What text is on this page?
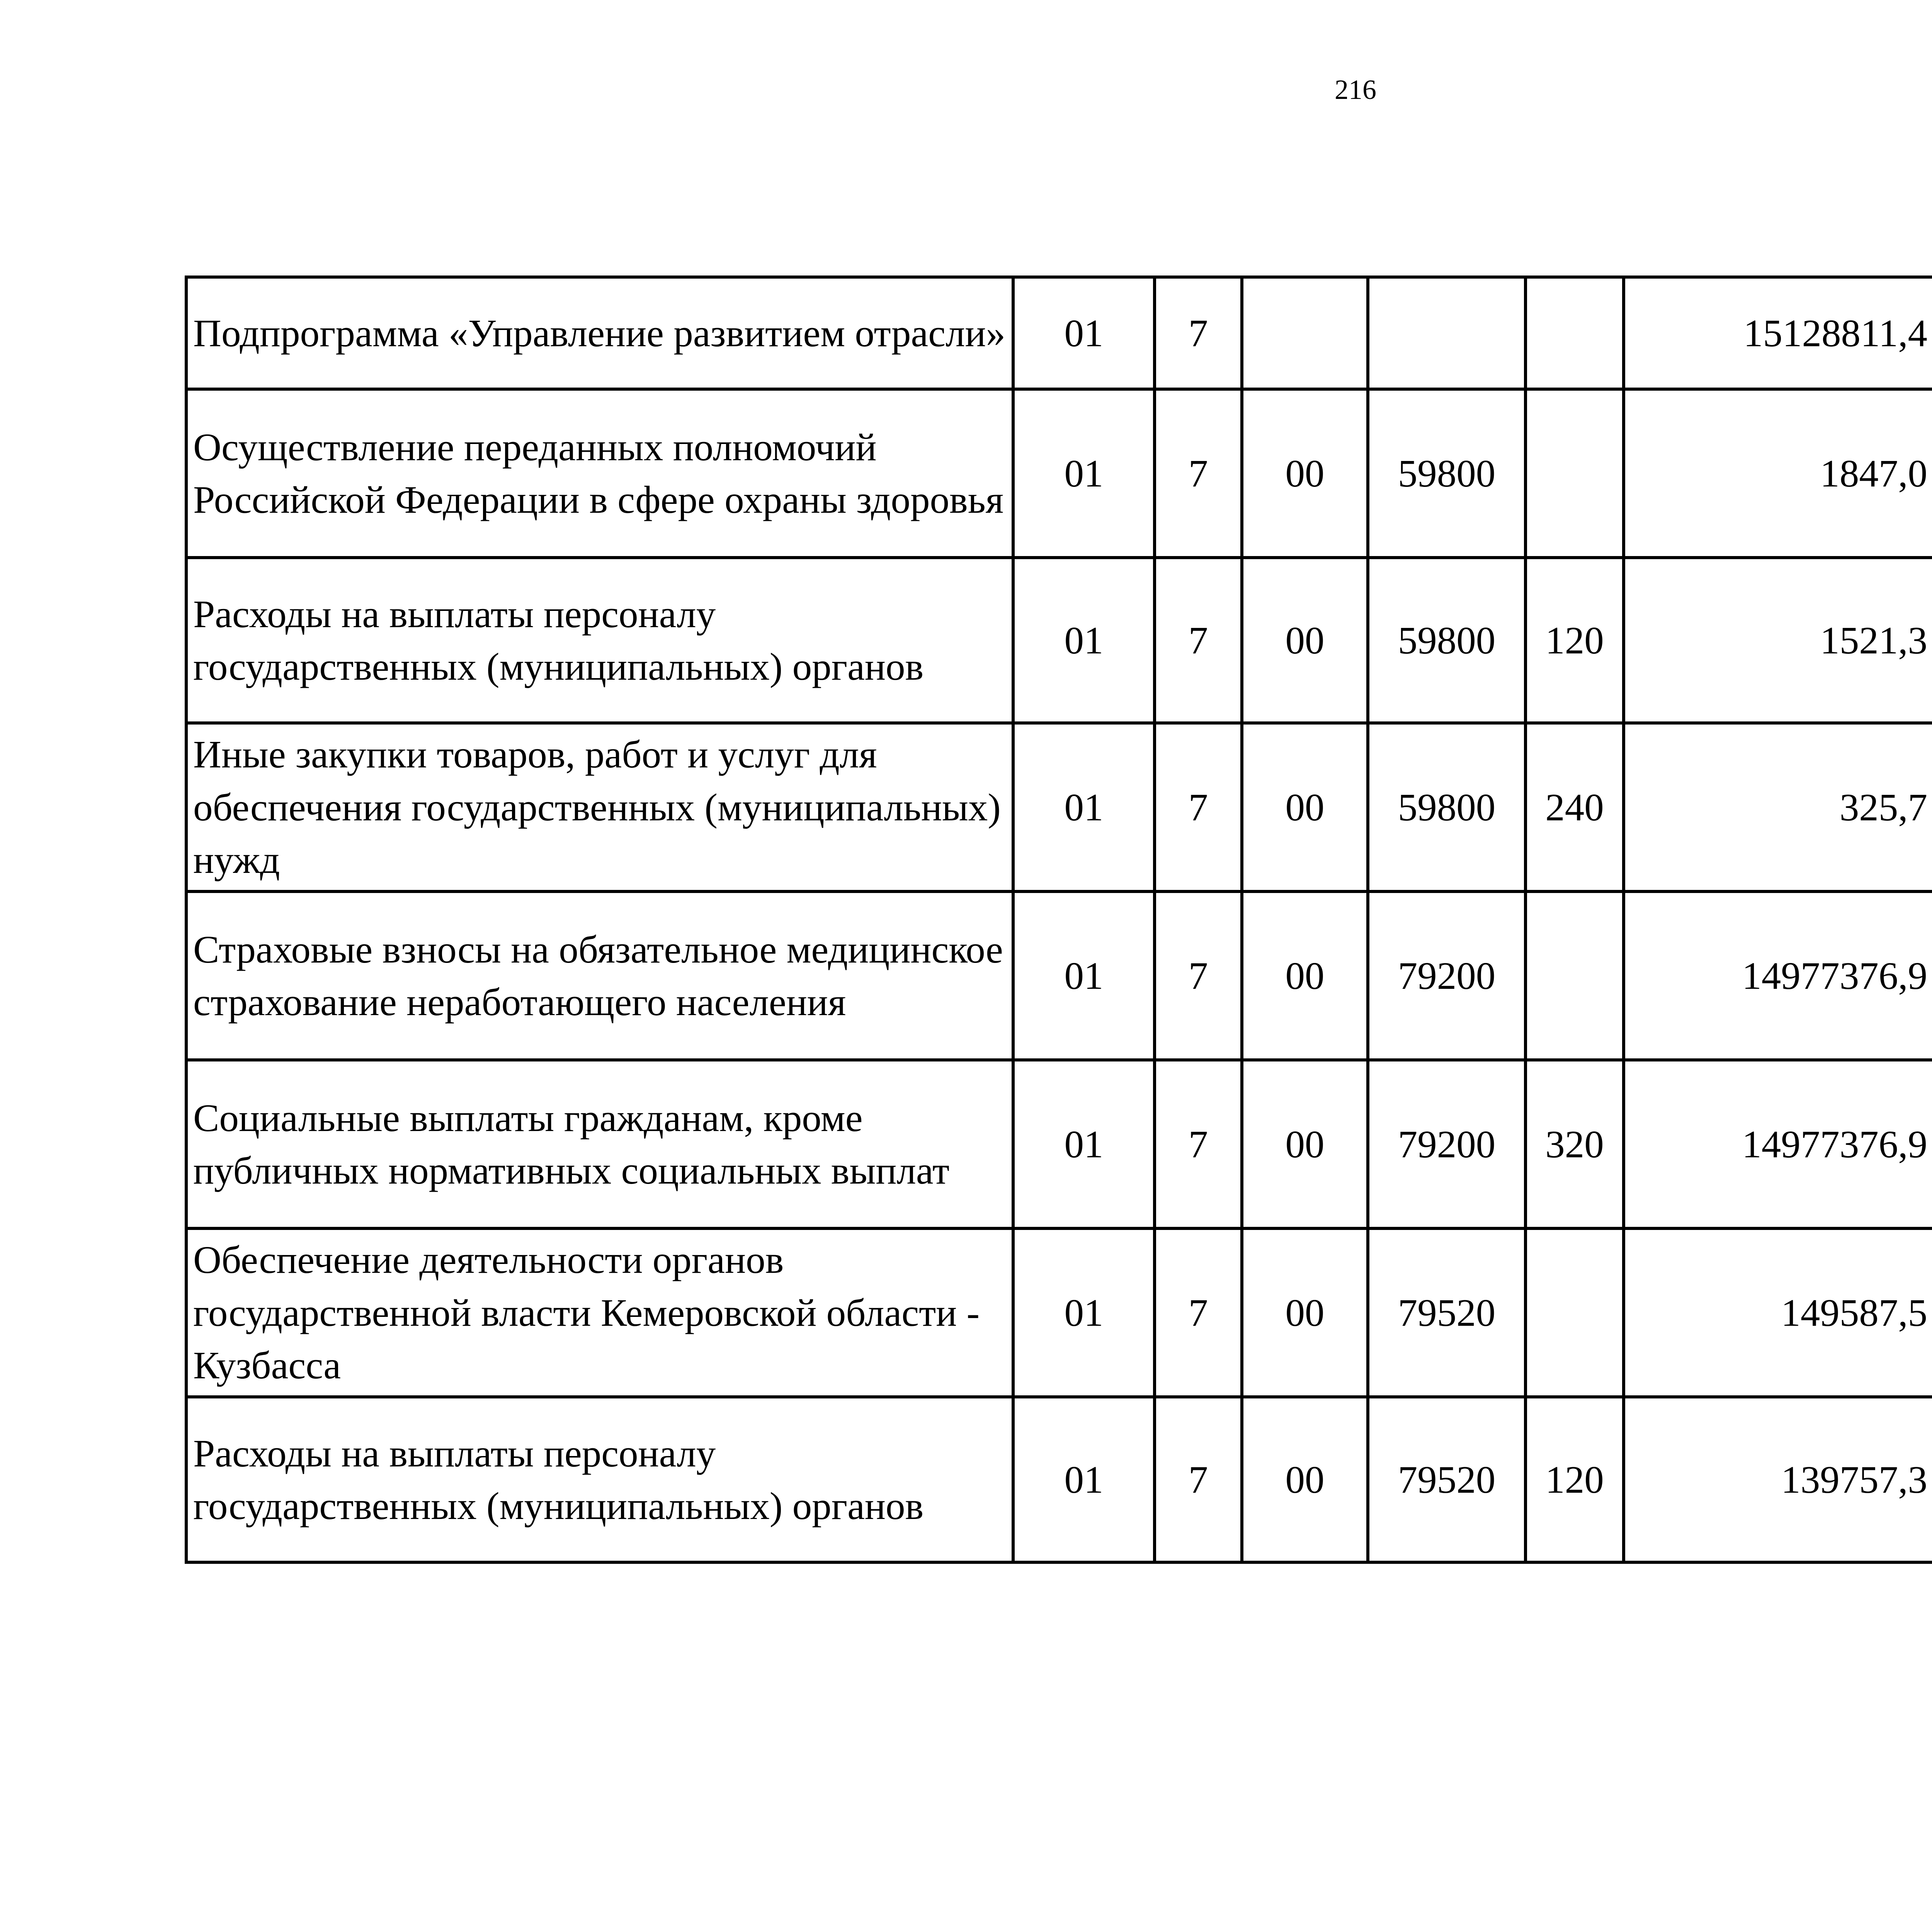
216
Подпрограмма «Управление развитием отрасли»	01	7				15128811,4		
Осуществление переданных полномочий Российской Федерации в сфере охраны здоровья	01	7	00	59800		1847,0		
Расходы на выплаты персоналу государственных (муниципальных) органов	01	7	00	59800	120	1521,3		
Иные закупки товаров, работ и услуг для обеспечения государственных (муниципальных) нужд	01	7	00	59800	240	325,7		
Страховые взносы на обязательное медицинское страхование неработающего населения	01	7	00	79200		14977376,9		
Социальные выплаты гражданам, кроме публичных нормативных социальных выплат	01	7	00	79200	320	14977376,9		
Обеспечение деятельности органов государственной власти Кемеровской области - Кузбасса	01	7	00	79520		149587,5		
Расходы на выплаты персоналу государственных (муниципальных) органов	01	7	00	79520	120	139757,3		
